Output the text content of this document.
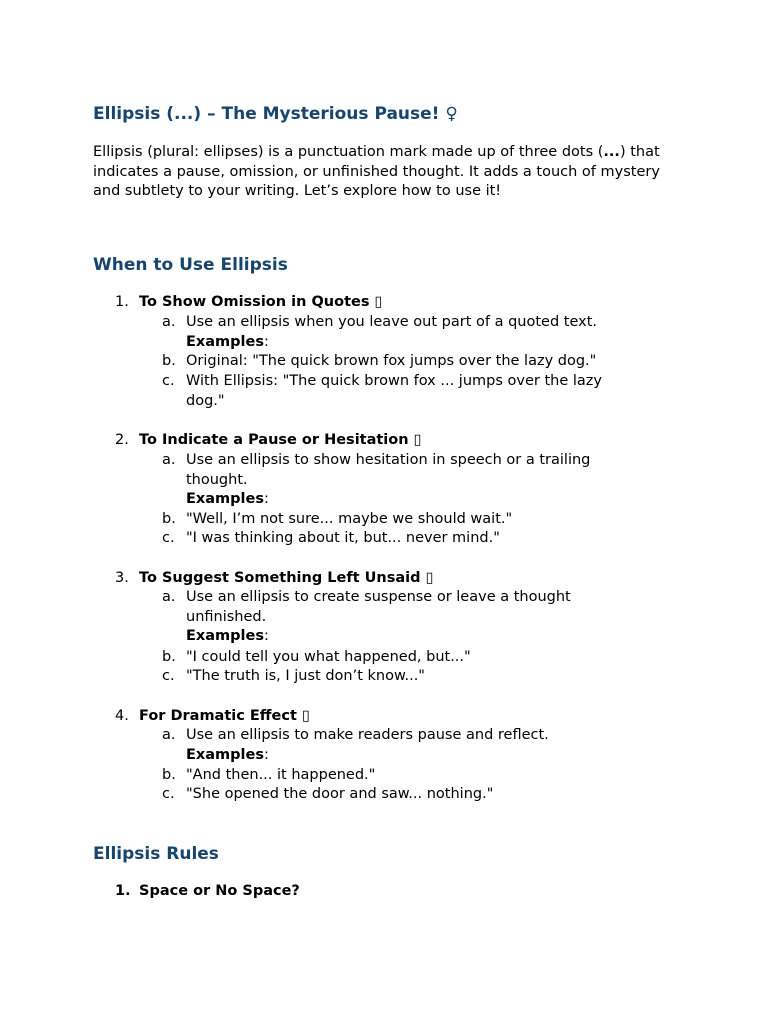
Ellipsis (...) – The Mysterious Pause! ♀

Ellipsis (plural: ellipses) is a punctuation mark made up of three dots (...) that indicates a pause, omission, or unfinished thought. It adds a touch of mystery and subtlety to your writing. Let’s explore how to use it!

When to Use Ellipsis
1. To Show Omission in Quotes ▯
a. Use an ellipsis when you leave out part of a quoted text.
Examples:
b. Original: "The quick brown fox jumps over the lazy dog."
c. With Ellipsis: "The quick brown fox ... jumps over the lazy dog."
2. To Indicate a Pause or Hesitation ▯
a. Use an ellipsis to show hesitation in speech or a trailing thought.
Examples:
b. "Well, I’m not sure... maybe we should wait."
c. "I was thinking about it, but... never mind."
3. To Suggest Something Left Unsaid ▯
a. Use an ellipsis to create suspense or leave a thought unfinished.
Examples:
b. "I could tell you what happened, but..."
c. "The truth is, I just don’t know..."
4. For Dramatic Effect ▯
a. Use an ellipsis to make readers pause and reflect.
Examples:
b. "And then... it happened."
c. "She opened the door and saw... nothing."
Ellipsis Rules
1. Space or No Space?
